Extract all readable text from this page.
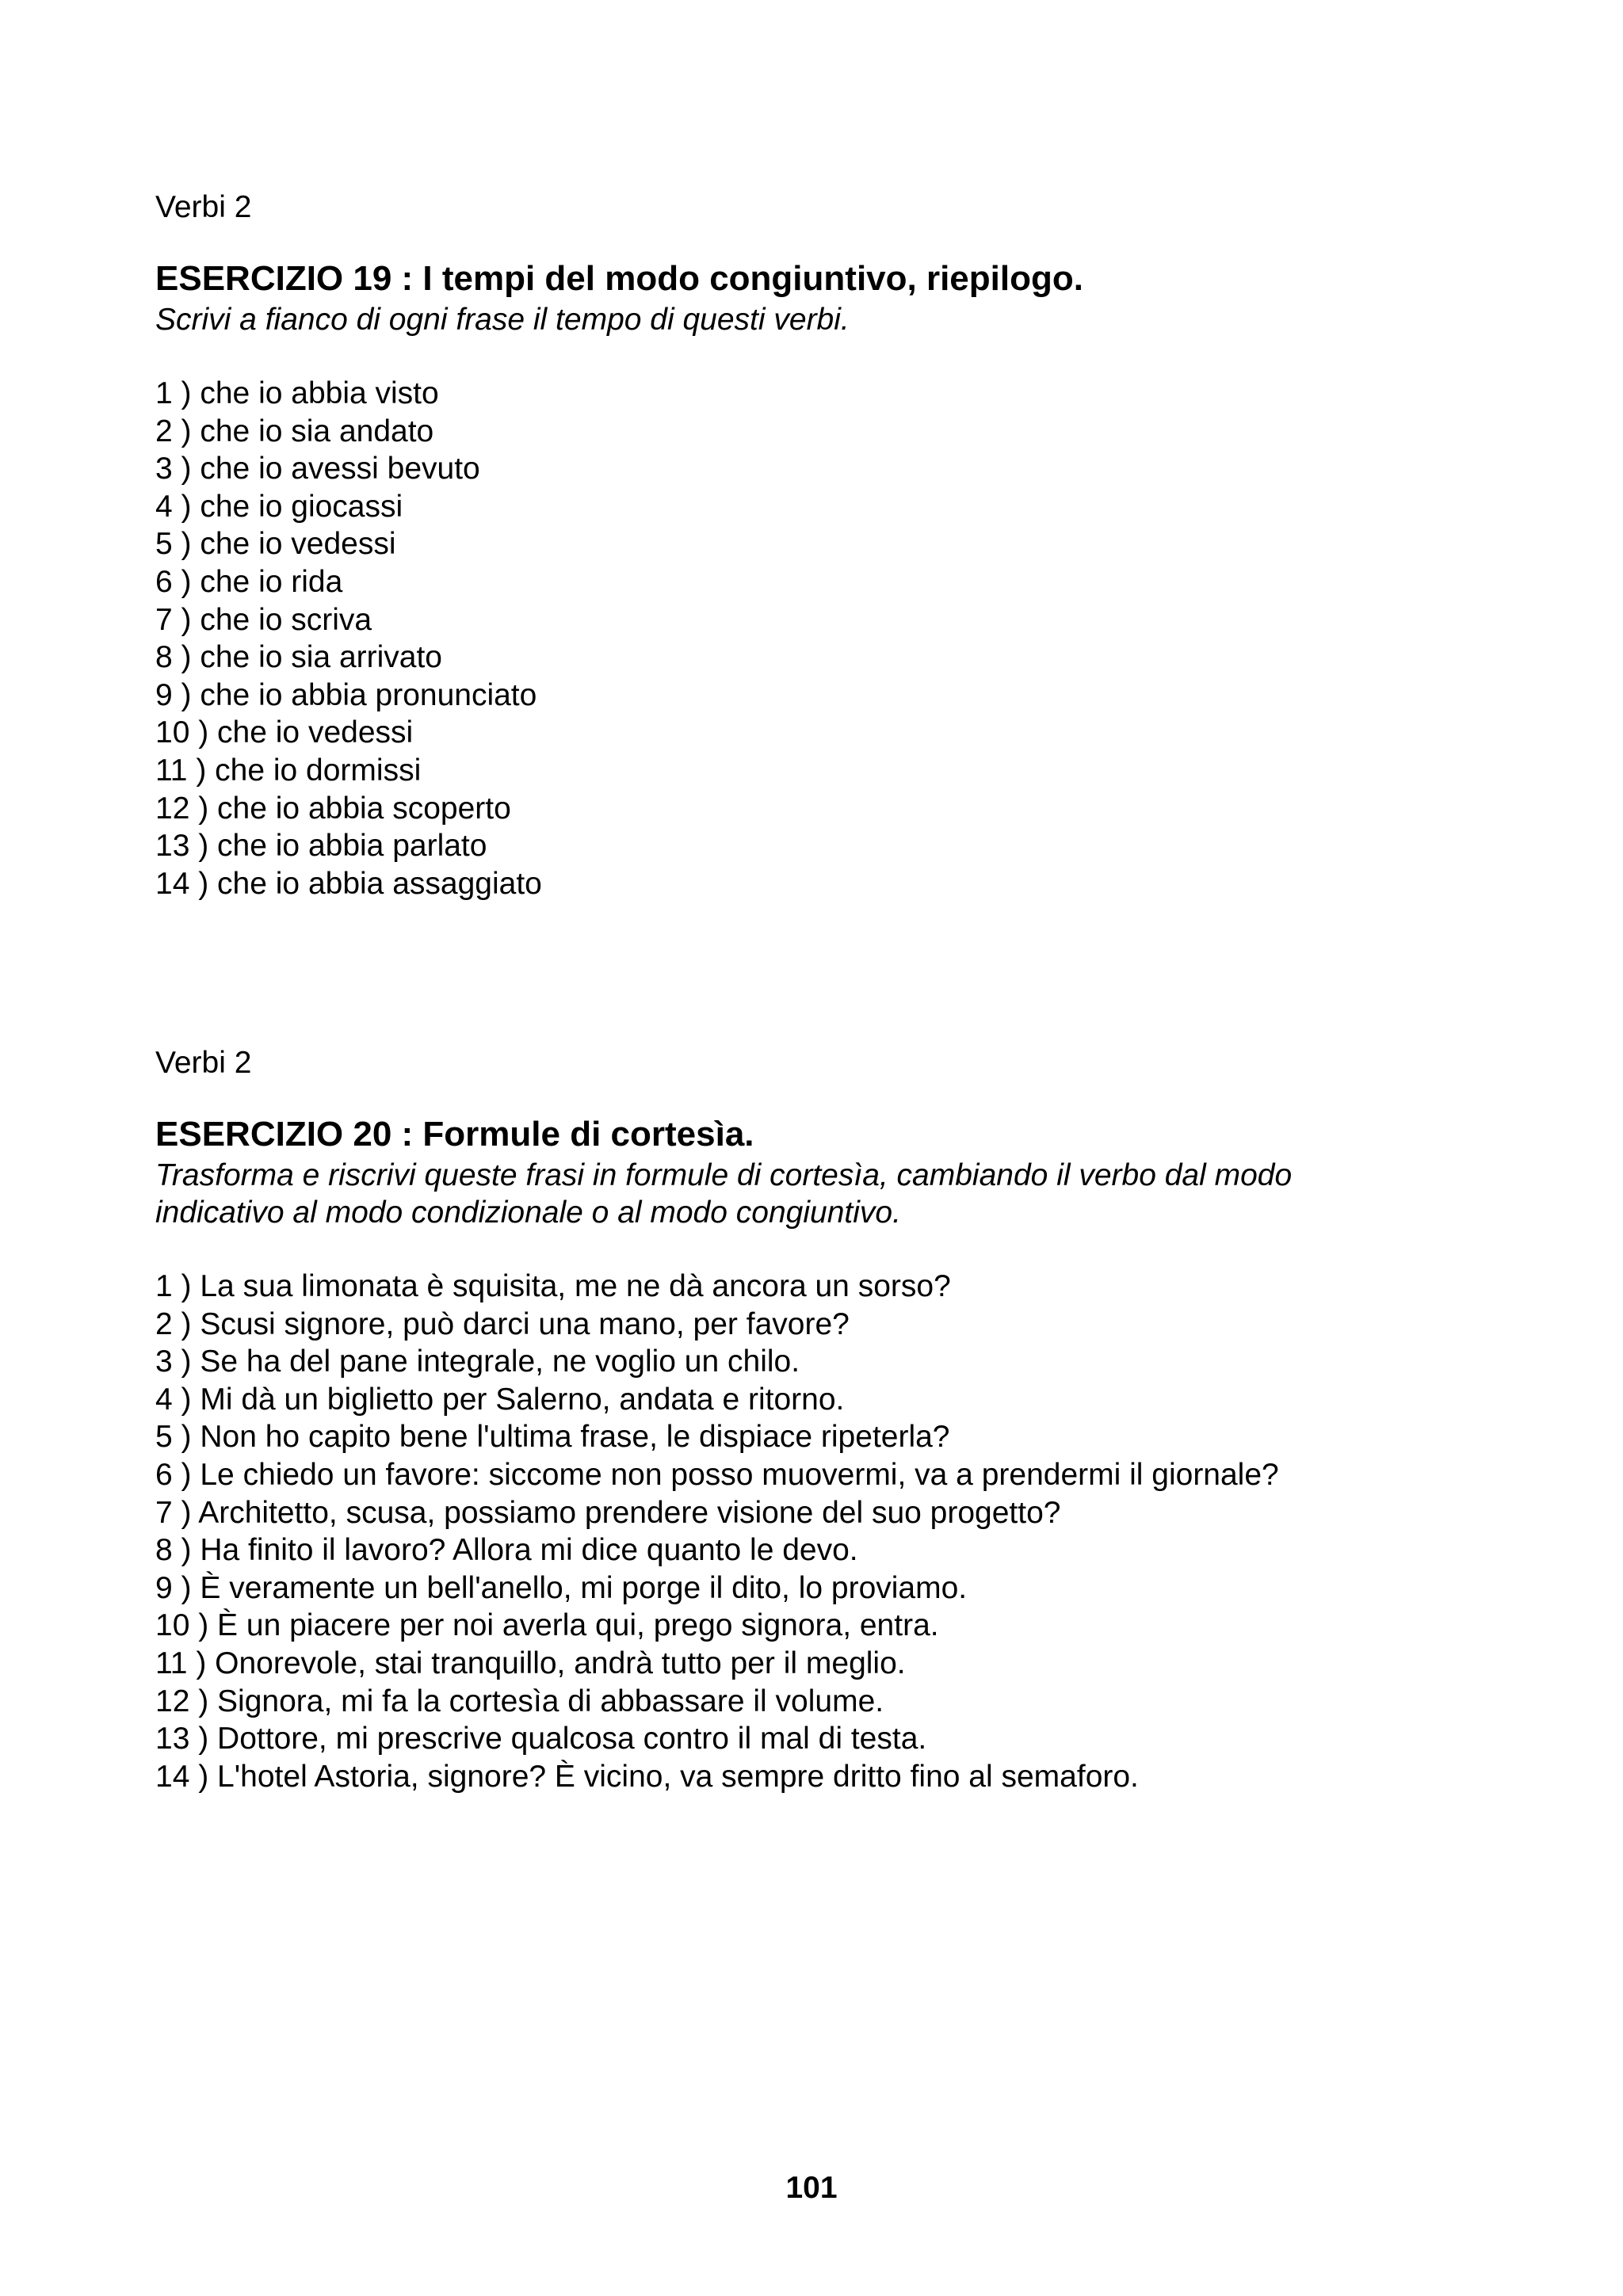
Verbi 2

ESERCIZIO 19 : I tempi del modo congiuntivo, riepilogo.

Scrivi a fianco di ogni frase il tempo di questi verbi.

1 ) che io abbia visto
2 ) che io sia andato
3 ) che io avessi bevuto
4 ) che io giocassi
5 ) che io vedessi
6 ) che io rida
7 ) che io scriva
8 ) che io sia arrivato
9 ) che io abbia pronunciato
10 ) che io vedessi
11 ) che io dormissi
12 ) che io abbia scoperto
13 ) che io abbia parlato
14 ) che io abbia assaggiato

Verbi 2

ESERCIZIO 20 : Formule di cortesìa.

Trasforma e riscrivi queste frasi in formule di cortesìa, cambiando il verbo dal modo
indicativo al modo condizionale o al modo congiuntivo.

1 ) La sua limonata è squisita, me ne dà ancora un sorso?
2 ) Scusi signore, può darci una mano, per favore?
3 ) Se ha del pane integrale, ne voglio un chilo.
4 ) Mi dà un biglietto per Salerno, andata e ritorno.
5 ) Non ho capito bene l'ultima frase, le dispiace ripeterla?
6 ) Le chiedo un favore: siccome non posso muovermi, va a prendermi il giornale?
7 ) Architetto, scusa, possiamo prendere visione del suo progetto?
8 ) Ha finito il lavoro? Allora mi dice quanto le devo.
9 ) È veramente un bell'anello, mi porge il dito, lo proviamo.
10 ) È un piacere per noi averla qui, prego signora, entra.
11 ) Onorevole, stai tranquillo, andrà tutto per il meglio.
12 ) Signora, mi fa la cortesìa di abbassare il volume.
13 ) Dottore, mi prescrive qualcosa contro il mal di testa.
14 ) L'hotel Astoria, signore? È vicino, va sempre dritto fino al semaforo.
101
